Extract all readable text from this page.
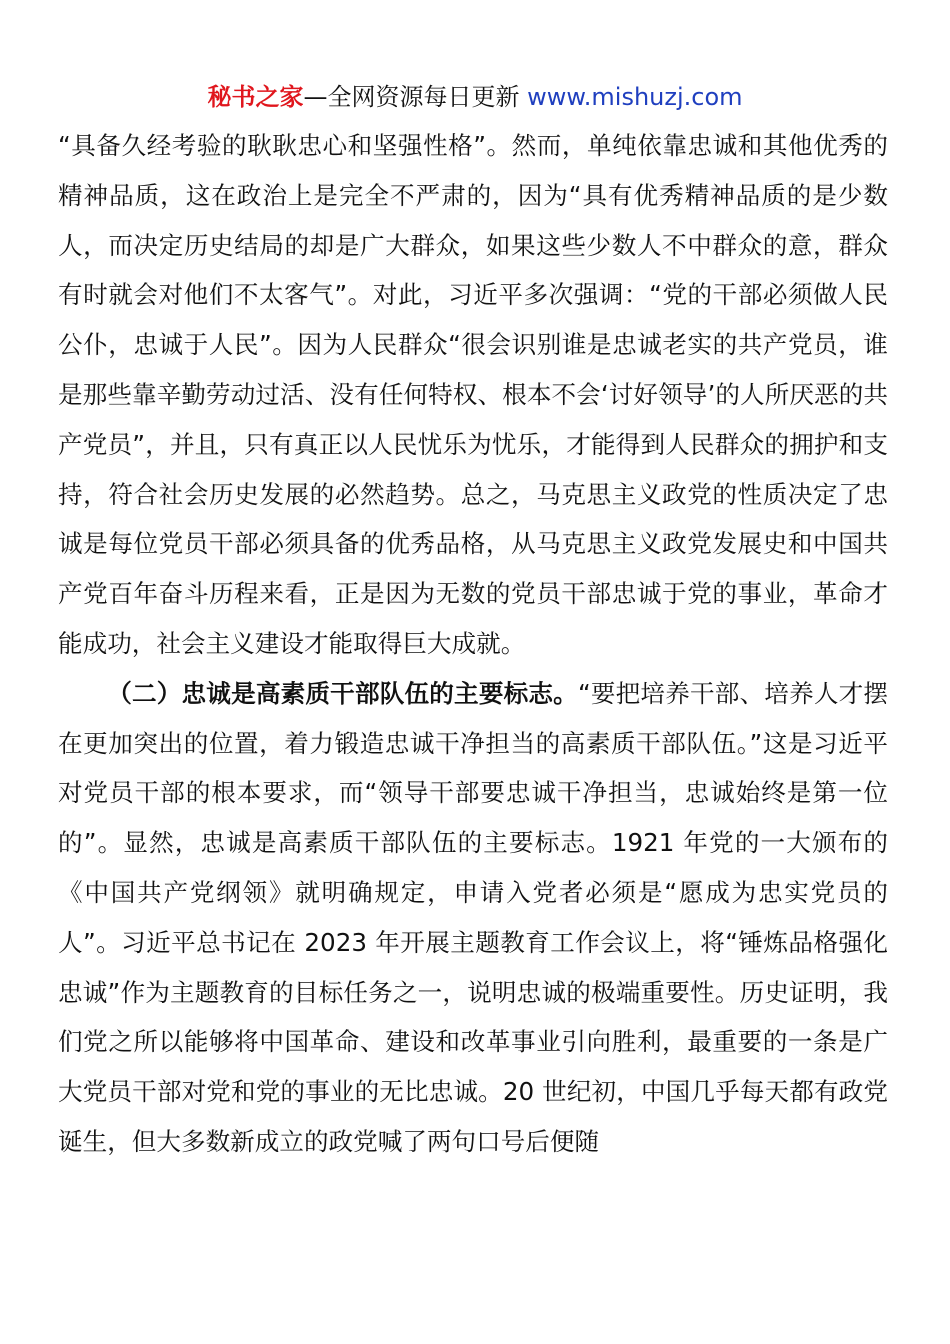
秘书之家—全网资源每日更新 www.mishuzj.com

“具备久经考验的耿耿忠心和坚强性格”。然而，单纯依靠忠诚和其他优秀的精神品质，这在政治上是完全不严肃的，因为“具有优秀精神品质的是少数人，而决定历史结局的却是广大群众，如果这些少数人不中群众的意，群众有时就会对他们不太客气”。对此，习近平多次强调：“党的干部必须做人民公仆，忠诚于人民”。因为人民群众“很会识别谁是忠诚老实的共产党员，谁是那些靠辛勤劳动过活、没有任何特权、根本不会‘讨好领导’的人所厌恶的共产党员”，并且，只有真正以人民忧乐为忧乐，才能得到人民群众的拥护和支持，符合社会历史发展的必然趋势。总之，马克思主义政党的性质决定了忠诚是每位党员干部必须具备的优秀品格，从马克思主义政党发展史和中国共产党百年奋斗历程来看，正是因为无数的党员干部忠诚于党的事业，革命才能成功，社会主义建设才能取得巨大成就。

（二）忠诚是高素质干部队伍的主要标志。“要把培养干部、培养人才摆在更加突出的位置，着力锻造忠诚干净担当的高素质干部队伍。”这是习近平对党员干部的根本要求，而“领导干部要忠诚干净担当，忠诚始终是第一位的”。显然，忠诚是高素质干部队伍的主要标志。1921 年党的一大颁布的《中国共产党纲领》就明确规定，申请入党者必须是“愿成为忠实党员的人”。习近平总书记在 2023 年开展主题教育工作会议上，将“锤炼品格强化忠诚”作为主题教育的目标任务之一，说明忠诚的极端重要性。历史证明，我们党之所以能够将中国革命、建设和改革事业引向胜利，最重要的一条是广大党员干部对党和党的事业的无比忠诚。20 世纪初，中国几乎每天都有政党诞生，但大多数新成立的政党喊了两句口号后便随
